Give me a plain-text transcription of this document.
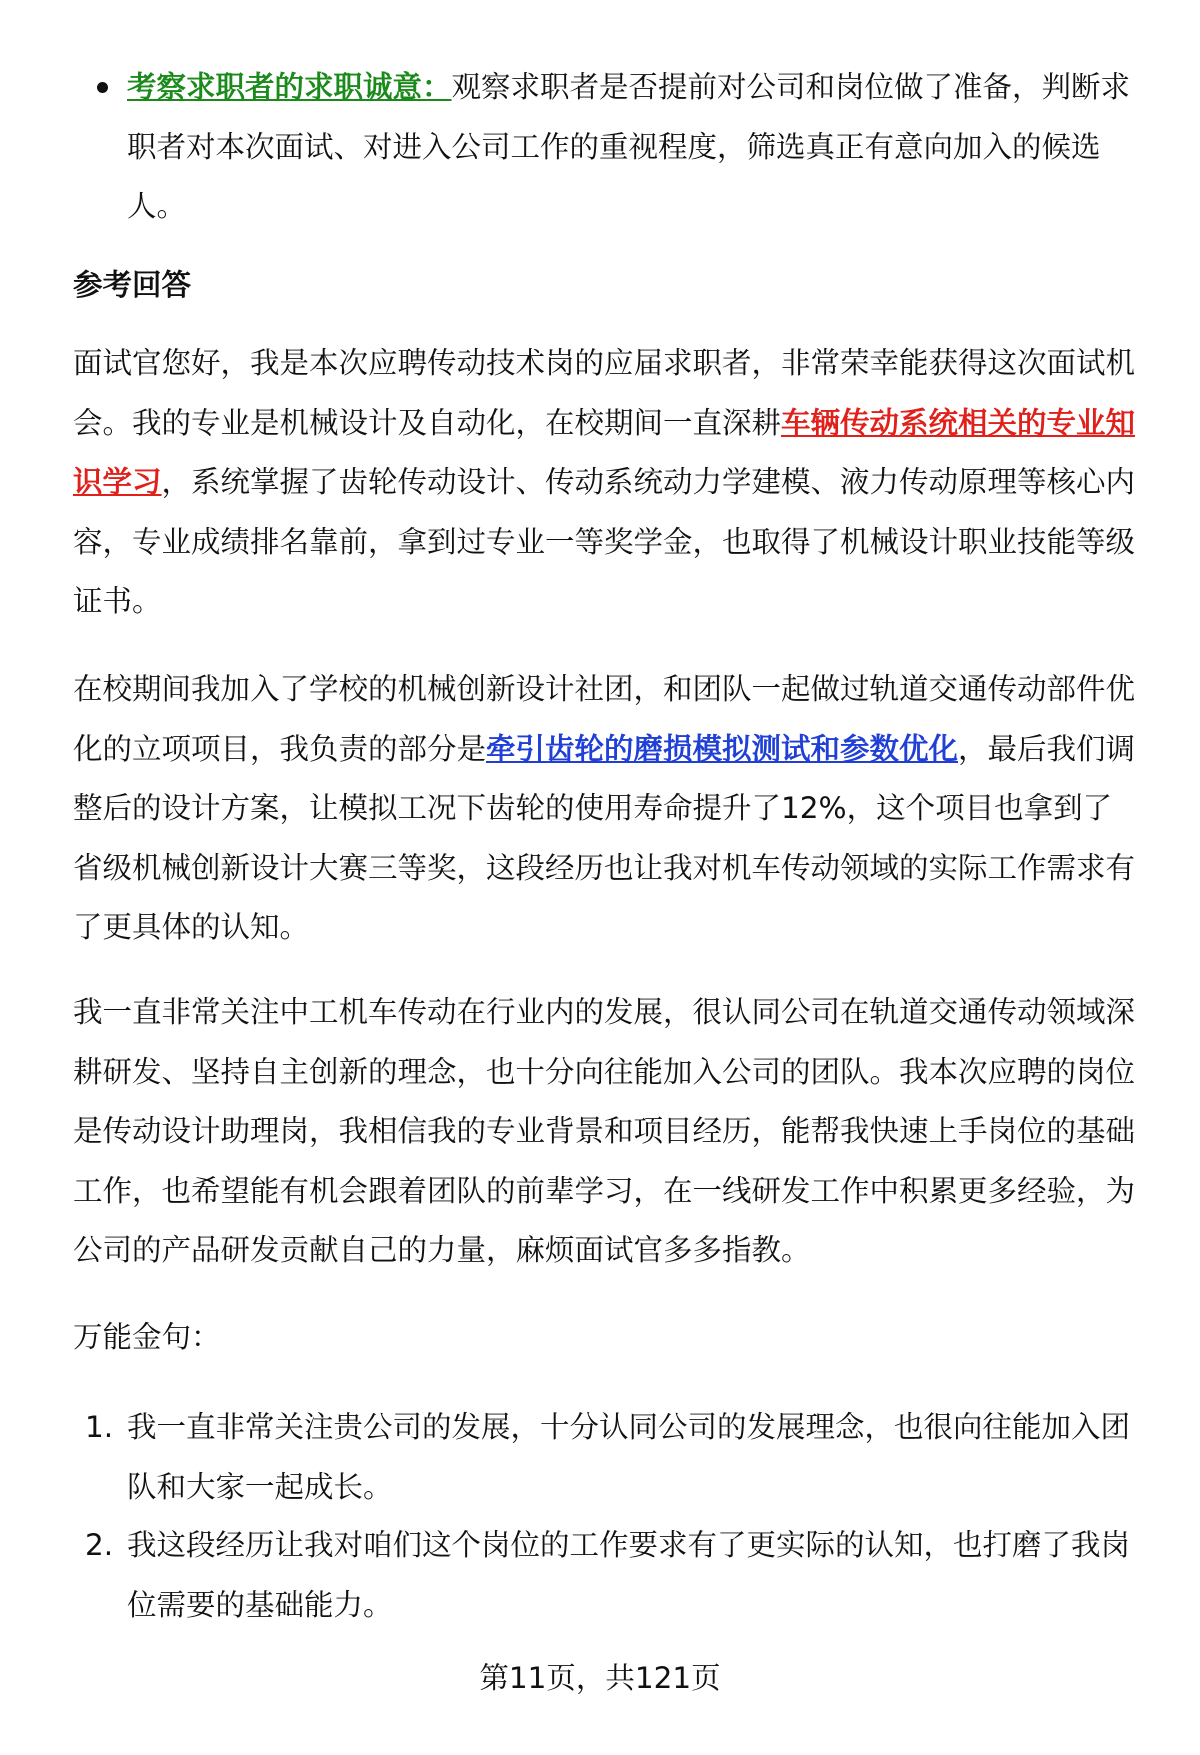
考察求职者的求职诚意：观察求职者是否提前对公司和岗位做了准备，判断求职者对本次面试、对进入公司工作的重视程度，筛选真正有意向加入的候选人。
参考回答
面试官您好，我是本次应聘传动技术岗的应届求职者，非常荣幸能获得这次面试机会。我的专业是机械设计及自动化，在校期间一直深耕车辆传动系统相关的专业知识学习，系统掌握了齿轮传动设计、传动系统动力学建模、液力传动原理等核心内容，专业成绩排名靠前，拿到过专业一等奖学金，也取得了机械设计职业技能等级证书。
在校期间我加入了学校的机械创新设计社团，和团队一起做过轨道交通传动部件优化的立项项目，我负责的部分是牵引齿轮的磨损模拟测试和参数优化，最后我们调整后的设计方案，让模拟工况下齿轮的使用寿命提升了12%，这个项目也拿到了省级机械创新设计大赛三等奖，这段经历也让我对机车传动领域的实际工作需求有了更具体的认知。
我一直非常关注中工机车传动在行业内的发展，很认同公司在轨道交通传动领域深耕研发、坚持自主创新的理念，也十分向往能加入公司的团队。我本次应聘的岗位是传动设计助理岗，我相信我的专业背景和项目经历，能帮我快速上手岗位的基础工作，也希望能有机会跟着团队的前辈学习，在一线研发工作中积累更多经验，为公司的产品研发贡献自己的力量，麻烦面试官多多指教。
万能金句：
1. 我一直非常关注贵公司的发展，十分认同公司的发展理念，也很向往能加入团队和大家一起成长。
2. 我这段经历让我对咱们这个岗位的工作要求有了更实际的认知，也打磨了我岗位需要的基础能力。
第11页，共121页
